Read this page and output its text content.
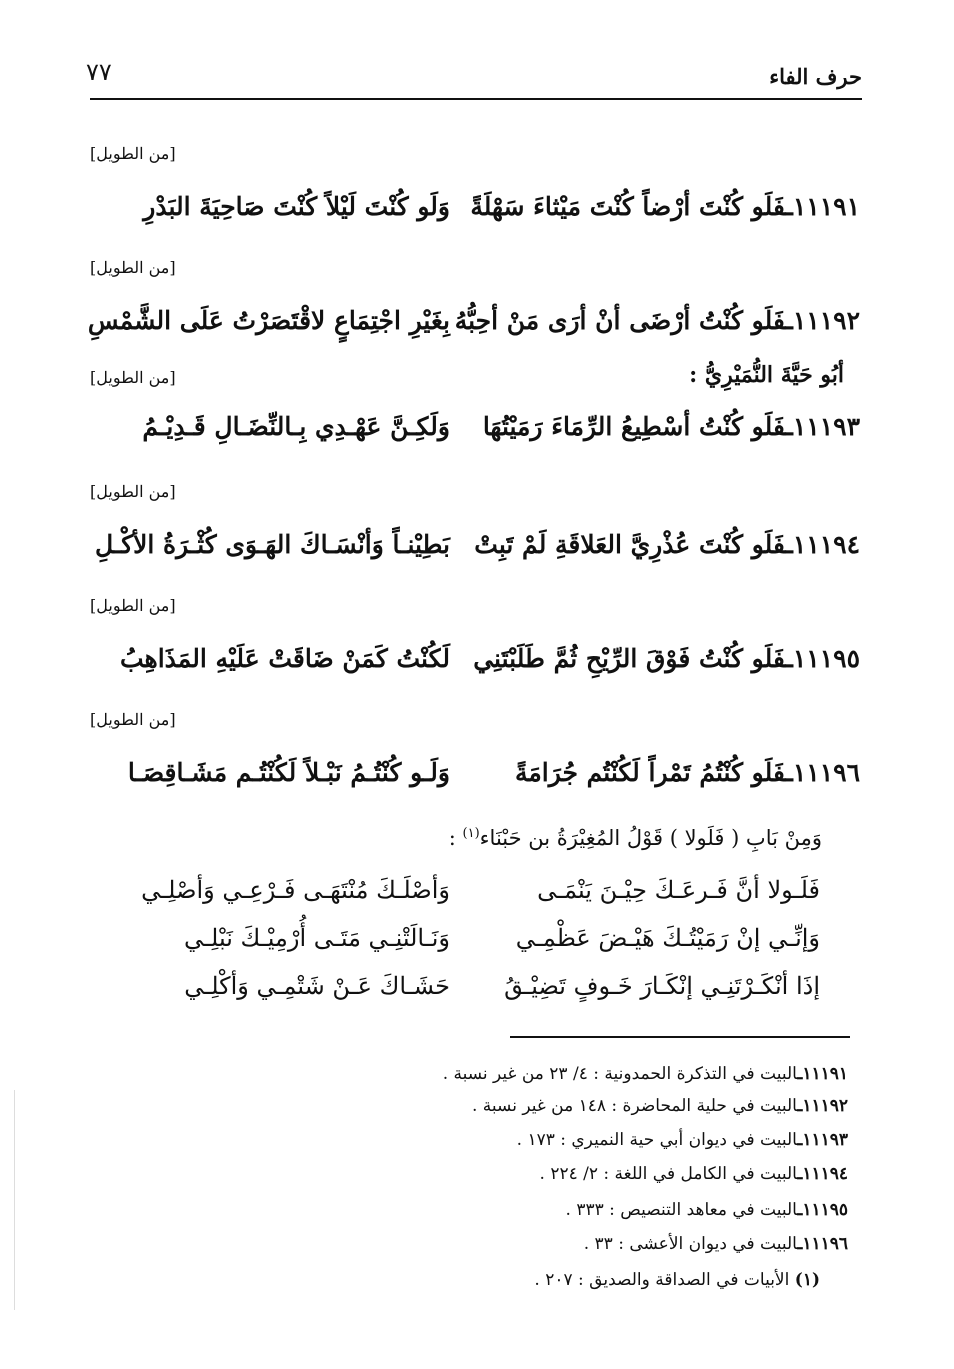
حرف الفاء
٧٧
[من الطويل]
١١١٩١ـفَلَو كُنْتَ أرْضاً كُنْتَ مَيْثاءَ سَهْلَةً
وَلَو كُنْتَ لَيْلاً كُنْتَ صَاحِيَةَ البَدْرِ
[من الطويل]
١١١٩٢ـفَلَو كُنْتُ أرْضَى أنْ أرَى مَنْ أحِبُّهُ
بِغَيْرِ اجْتِمَاعٍ لاقْتَصَرْتُ عَلَى الشَّمْسِ
أبُو حَيَّةَ النُّمَيْرِيُّ :
[من الطويل]
١١١٩٣ـفَلَو كُنْتُ أسْطِيعُ الرِّمَاءَ رَمَيْتُهَا
وَلَكِـنَّ عَهْـدِي بِـالنِّضَـالِ قَـدِيْـمُ
[من الطويل]
١١١٩٤ـفَلَو كُنْتَ عُذْرِيَّ العَلاقَةِ لَمْ تَبِتْ
بَطِيْنـاً وَأنْسَـاكَ الهَـوَى كُثْـرَةُ الأكْـلِ
[من الطويل]
١١١٩٥ـفَلَو كُنْتُ فَوْقَ الرِّيْحِ ثُمَّ طَلَبْتَنِي
لَكُنْتُ كَمَنْ ضَاقَتْ عَلَيْهِ المَذَاهِبُ
[من الطويل]
١١١٩٦ـفَلَو كُنْتُمُ تَمْراً لَكُنْتُم جُرَامَةً
وَلَـو كُنْتُـمُ نَبْـلاً لَكُنْتُـم مَشَـاقِصَـا
وَمِنْ بَابِ ( فَلَولا ) قَوْلُ المُغِيْرَةُ بن حَبْنَاء$^{(١)}$ :
فَلَـولا أنَّ فَـرعَـكَ حِيْـنَ يَنْمَـى
وَأصْلَـكَ مُنْتَهَـى فَـرْعِـي وَأصْلِـي
وَإنِّـي إنْ رَمَيْتُـكَ هَيْـضَ عَظْمِـي
وَنَـالَتْنِـي مَتَـى أُرْمِيْـكَ نَبْلِـي
إذَا أنْكَـرْتَنِـي إنْكَـارَ خَـوفٍ تَضِيْـقُ
حَشَـاكَ عَـنْ شَتْمِـي وَأكْلِـي
١١١٩١ـالبيت في التذكرة الحمدونية : ٤/ ٢٣ من غير نسبة .
١١١٩٢ـالبيت في حلية المحاضرة : ١٤٨ من غير نسبة .
١١١٩٣ـالبيت في ديوان أبي حية النميري : ١٧٣ .
١١١٩٤ـالبيت في الكامل في اللغة : ٢/ ٢٢٤ .
١١١٩٥ـالبيت في معاهد التنصيص : ٣٣٣ .
١١١٩٦ـالبيت في ديوان الأعشى : ٣٣ .
(١) الأبيات في الصداقة والصديق : ٢٠٧ .
